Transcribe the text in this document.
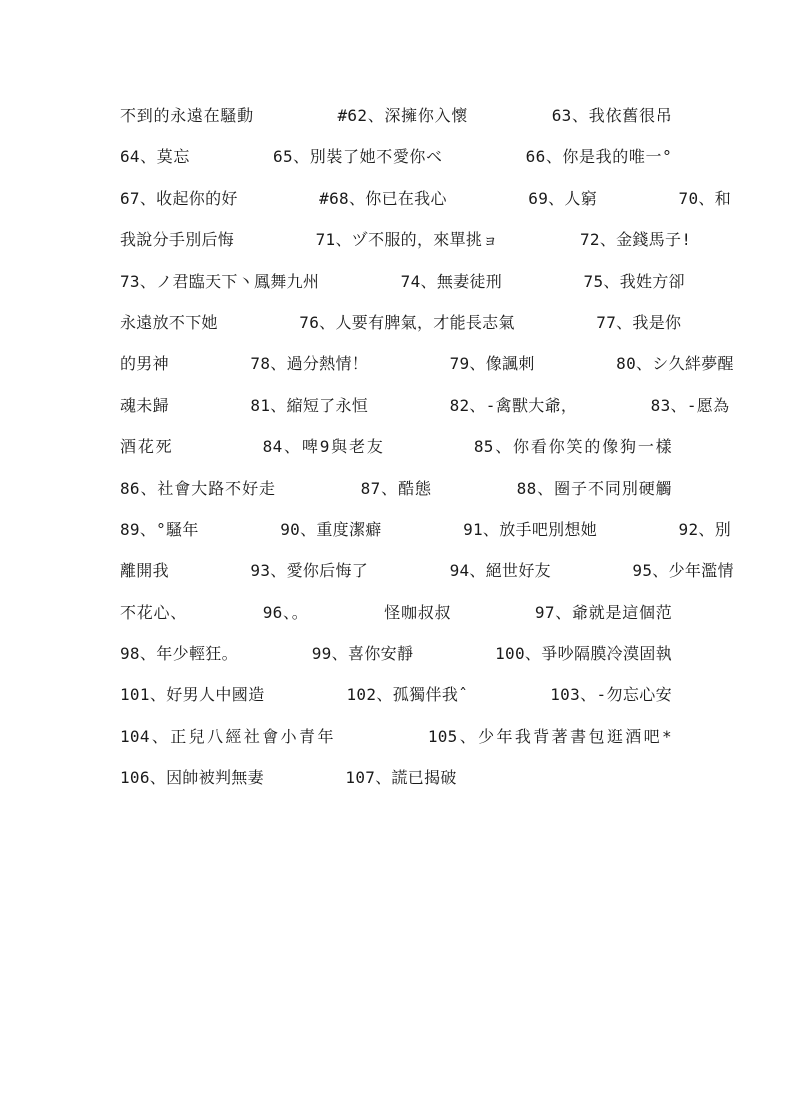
不到的永遠在騷動　　　　　#62、深擁你入懷　　　　　63、我依舊很吊
64、莫忘　　　　　65、別裝了她不愛你ベ　　　　　66、你是我的唯一°
67、收起你的好　　　　　#68、你已在我心　　　　　69、人窮　　　　　70、和
我說分手別后悔　　　　　71、ヅ不服的，來單挑ョ　　　　　72、金錢馬子!
73、ノ君臨天下丶鳳舞九州　　　　　74、無妻徒刑　　　　　75、我姓方卻
永遠放不下她　　　　　76、人要有脾氣，才能長志氣　　　　　77、我是你
的男神　　　　　78、過分熱情！　　　　　79、像諷刺　　　　　80、シ久絆夢醒
魂未歸　　　　　81、縮短了永恒　　　　　82、-禽獸大爺，　　　　　83、-愿為
酒花死　　　　　84、啤9與老友　　　　　85、你看你笑的像狗一樣
86、社會大路不好走　　　　　87、酷態　　　　　88、圈子不同別硬觸
89、°騷年　　　　　90、重度潔癖　　　　　91、放手吧別想她　　　　　92、別
離開我　　　　　93、愛你后悔了　　　　　94、絕世好友　　　　　95、少年濫情
不花心、　　　　　96、。　　　　　怪咖叔叔　　　　　97、爺就是這個范
98、年少輕狂。　　　　　99、喜你安靜　　　　　100、爭吵隔膜冷漠固執
101、好男人中國造　　　　　102、孤獨伴我ˆ　　　　　103、-勿忘心安
104、正兒八經社會小青年　　　　　105、少年我背著書包逛酒吧*
106、因帥被判無妻　　　　　107、謊已揭破
